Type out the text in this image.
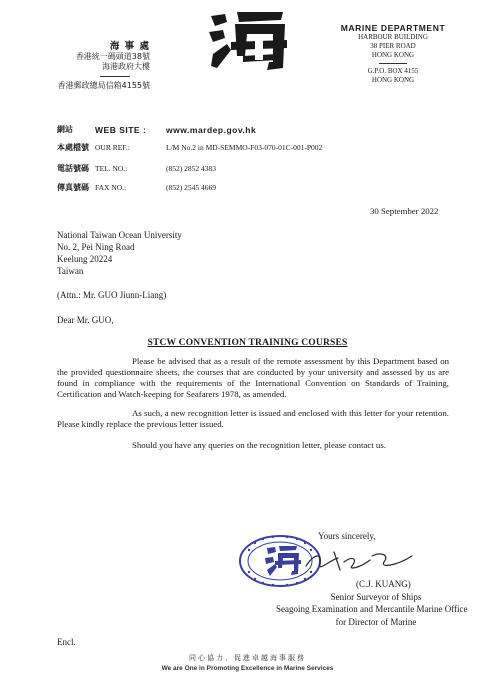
海 事 處
香港統一碼頭道38號
海港政府大樓
香港郵政總局信箱4155號
MARINE DEPARTMENT
HARBOUR BUILDING
38 PIER ROAD
HONG KONG
G.P.O. BOX 4155
HONG KONG
網站	WEB SITE :	www.mardep.gov.hk
本處檔號 OUR REF.:	L/M No.2 in MD-SEMMO-F03-070-01C-001-P002
電話號碼 TEL. NO.:	(852) 2852 4383
傳真號碼 FAX NO.:	(852) 2545 4669
30 September 2022
National Taiwan Ocean University
No. 2, Pei Ning Road
Keelung 20224
Taiwan
(Attn.: Mr. GUO Jiunn-Liang)
Dear Mr. GUO,
STCW CONVENTION TRAINING COURSES
Please be advised that as a result of the remote assessment by this Department based on the provided questionnaire sheets, the courses that are conducted by your university and assessed by us are found in compliance with the requirements of the International Convention on Standards of Training, Certification and Watch-keeping for Seafarers 1978, as amended.
As such, a new recognition letter is issued and enclosed with this letter for your retention. Please kindly replace the previous letter issued.
Should you have any queries on the recognition letter, please contact us.
Yours sincerely,
(C.J. KUANG)
Senior Surveyor of Ships
Seagoing Examination and Mercantile Marine Office
for Director of Marine
Encl.
同心協力，促進卓越海事服務
We are One in Promoting Excellence in Marine Services
